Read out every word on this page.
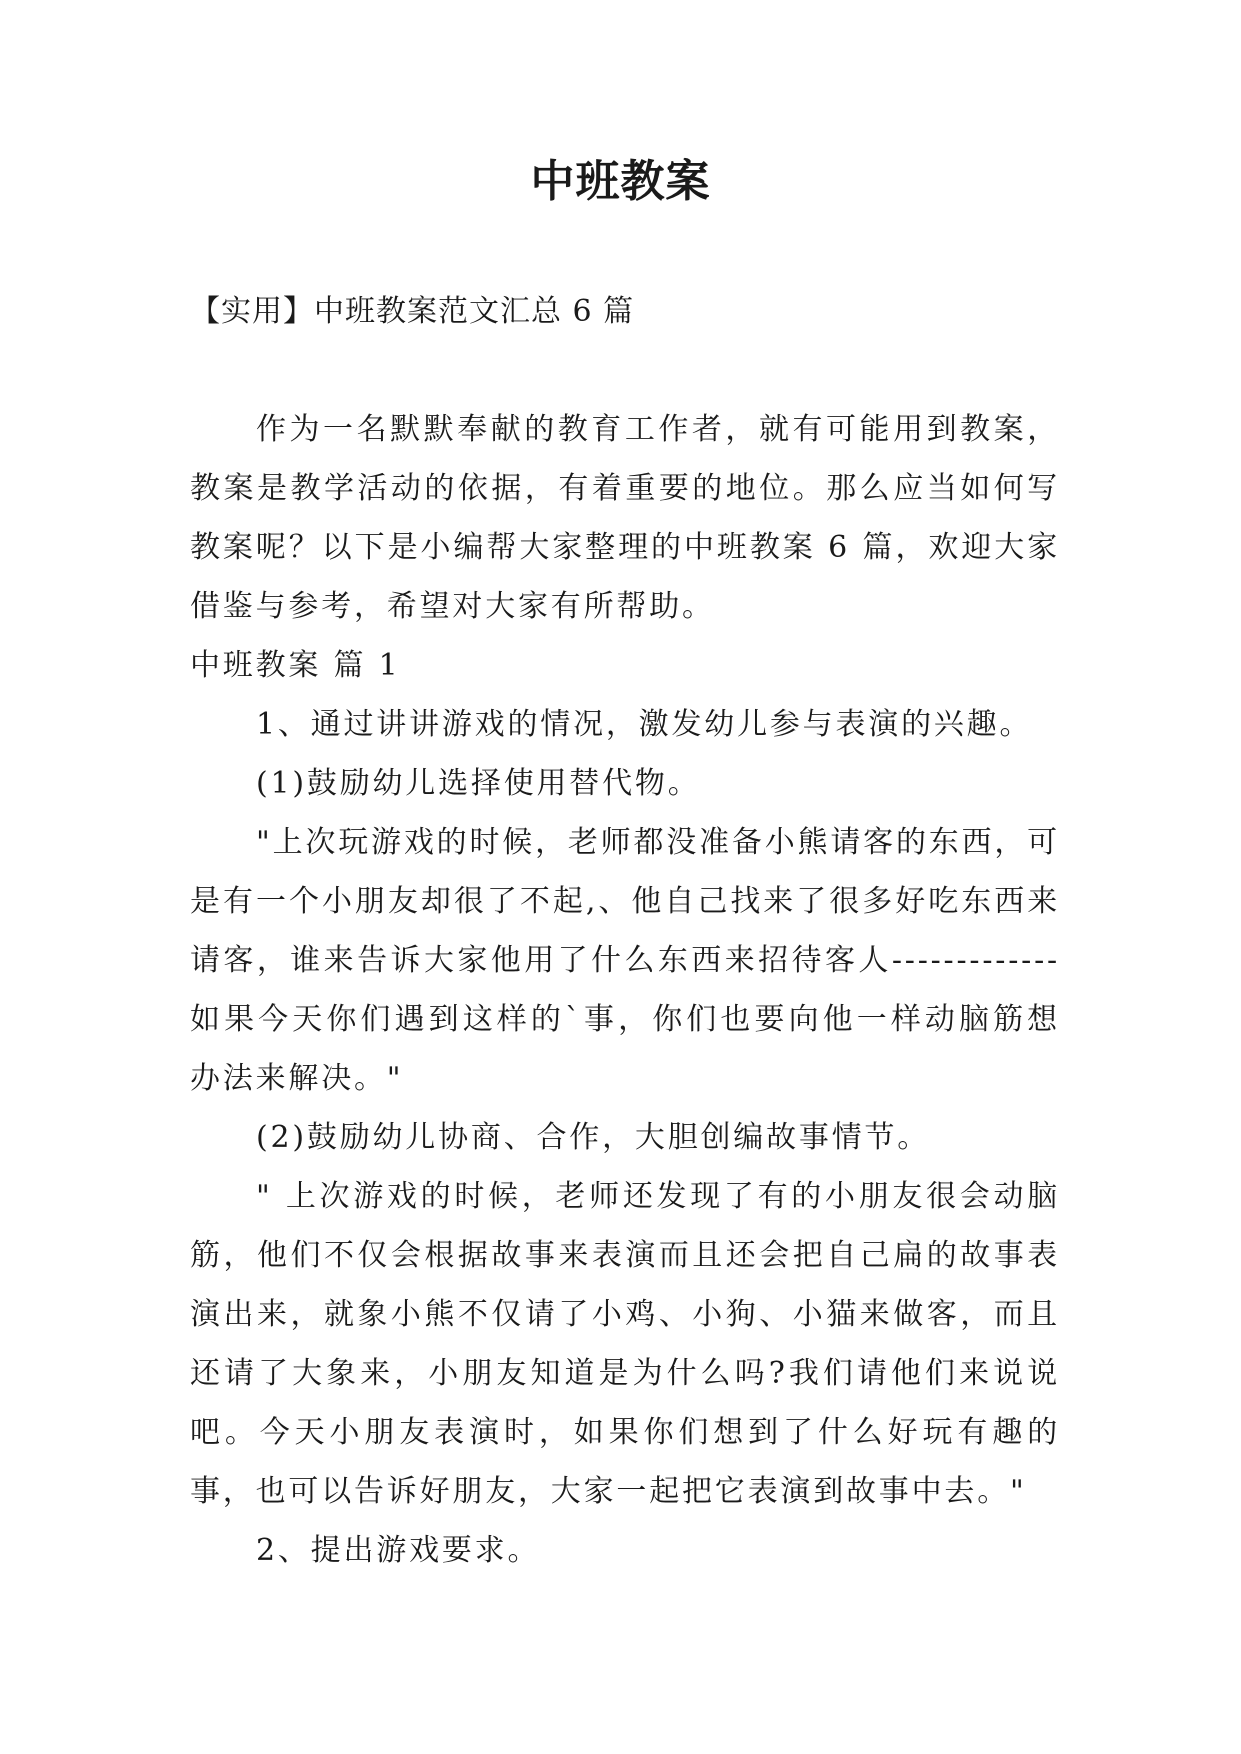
中班教案

【实用】中班教案范文汇总 6 篇

作为一名默默奉献的教育工作者，就有可能用到教案，教案是教学活动的依据，有着重要的地位。那么应当如何写教案呢？以下是小编帮大家整理的中班教案 6 篇，欢迎大家借鉴与参考，希望对大家有所帮助。

中班教案 篇 1

1、通过讲讲游戏的情况，激发幼儿参与表演的兴趣。

(1)鼓励幼儿选择使用替代物。

"上次玩游戏的时候，老师都没准备小熊请客的东西，可是有一个小朋友却很了不起,、他自己找来了很多好吃东西来请客，谁来告诉大家他用了什么东西来招待客人-------------如果今天你们遇到这样的`事，你们也要向他一样动脑筋想办法来解决。"

(2)鼓励幼儿协商、合作，大胆创编故事情节。

" 上次游戏的时候，老师还发现了有的小朋友很会动脑筋，他们不仅会根据故事来表演而且还会把自己扁的故事表演出来，就象小熊不仅请了小鸡、小狗、小猫来做客，而且还请了大象来，小朋友知道是为什么吗?我们请他们来说说吧。今天小朋友表演时，如果你们想到了什么好玩有趣的事，也可以告诉好朋友，大家一起把它表演到故事中去。"

2、提出游戏要求。
